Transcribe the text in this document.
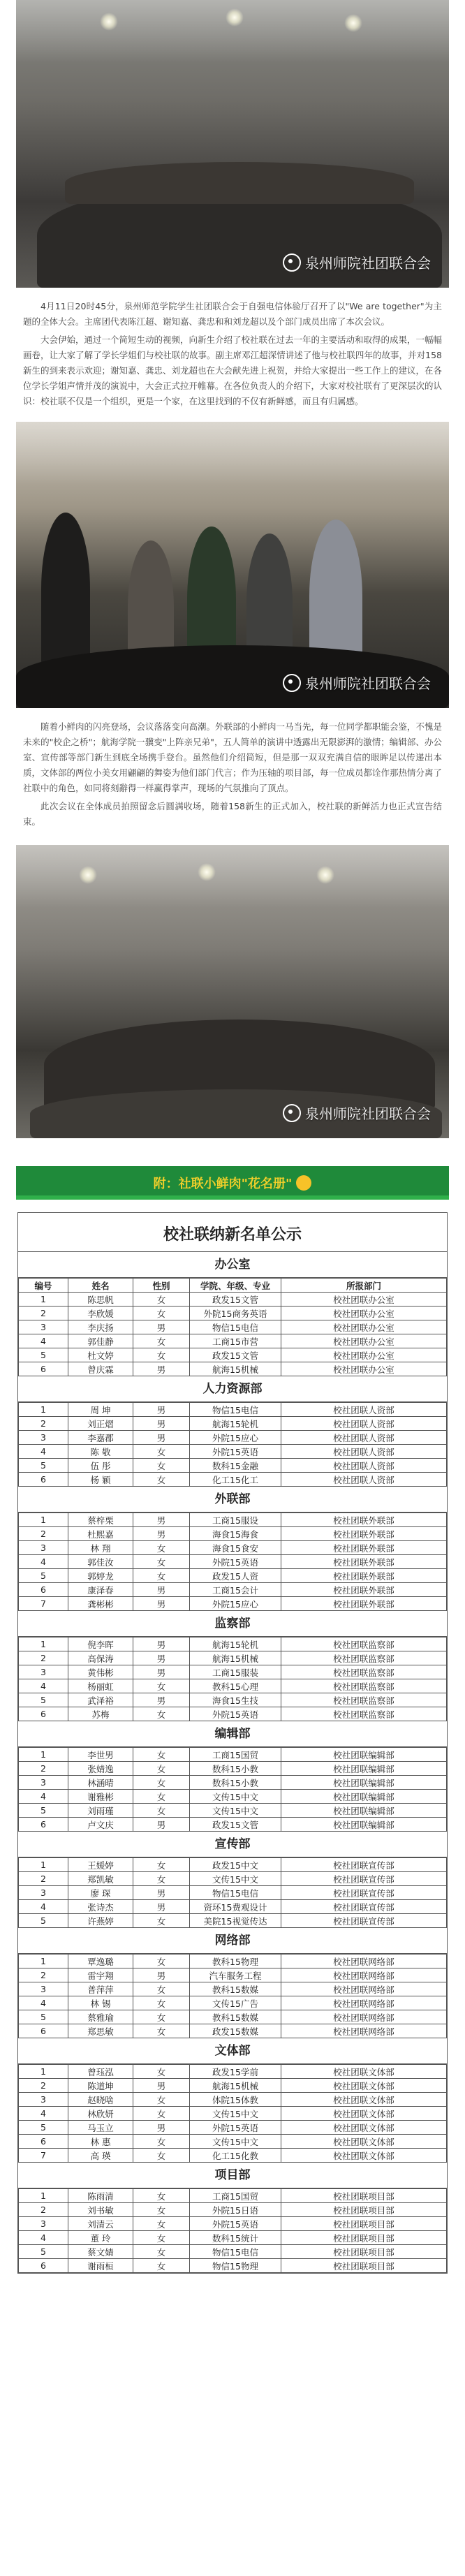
泉州师院社团联合会

4月11日20时45分，泉州师范学院学生社团联合会于自强电信体验厅召开了以"We are together"为主题的全体大会。主席团代表陈江超、谢知嘉、龚忠和和刘龙超以及个部门成员出席了本次会议。

大会伊始，通过一个简短生动的视频，向新生介绍了校社联在过去一年的主要活动和取得的成果，一幅幅画卷，让大家了解了学长学姐们与校社联的故事。副主席邓江超深情讲述了他与校社联四年的故事，并对158新生的到来表示欢迎；谢知嘉、龚忠、刘龙超也在大会献先进上祝贺，并给大家提出一些工作上的建议，在各位学长学姐声情并茂的演说中，大会正式拉开帷幕。在各位负责人的介绍下，大家对校社联有了更深层次的认识：校社联不仅是一个组织，更是一个家，在这里找到的不仅有新鲜感，而且有归属感。

泉州师院社团联合会

随着小鲜肉的闪亮登场，会议落落变向高潮。外联部的小鲜肉一马当先，每一位同学都职能会鉴，不愧是未来的"校企之桥"；航海学院一骥变"上阵亲兄弟"，五人简单的演讲中透露出无限澎湃的激情；编辑部、办公室、宣传部等部门新生到底全场携手登台。虽然他们介绍简短，但是那一双双充满自信的眼眸足以传递出本质，文体部的两位小美女用翩翩的舞姿为他们部门代言；作为压轴的项目部，每一位成员都诠作那热情分离了社联中的角色，如同将刻辭得一样赢得掌声，现场的气氛推向了顶点。

此次会议在全体成员拍照留念后圆满收场，随着158新生的正式加入，校社联的新鲜活力也正式宣告结束。

泉州师院社团联合会
附：社联小鲜肉"花名册"
校社联纳新名单公示
办公室
编号	姓名	性别	学院、年级、专业	所报部门
1	陈思帆	女	政发15文管	校社团联办公室
2	李欣媛	女	外院15商务英语	校社团联办公室
3	李庆扬	男	物信15电信	校社团联办公室
4	郭佳静	女	工商15市营	校社团联办公室
5	杜文婷	女	政发15文管	校社团联办公室
6	曾庆霖	男	航海15机械	校社团联办公室
人力资源部
1	周 坤	男	物信15电信	校社团联人资部
2	刘正熠	男	航海15轮机	校社团联人资部
3	李嘉郡	男	外院15应心	校社团联人资部
4	陈 敬	女	外院15英语	校社团联人资部
5	伍 彤	女	数科15金融	校社团联人资部
6	杨 颖	女	化工15化工	校社团联人资部
外联部
1	蔡梓栗	男	工商15服设	校社团联外联部
2	杜熙嘉	男	海食15海食	校社团联外联部
3	林 翔	女	海食15食安	校社团联外联部
4	郭佳汝	女	外院15英语	校社团联外联部
5	郭婷龙	女	政发15人资	校社团联外联部
6	康泽春	男	工商15会计	校社团联外联部
7	龚彬彬	男	外院15应心	校社团联外联部
监察部
1	倪李晖	男	航海15轮机	校社团联监察部
2	高保涛	男	航海15机械	校社团联监察部
3	黄伟彬	男	工商15服装	校社团联监察部
4	杨丽虹	女	教科15心理	校社团联监察部
5	武泽裕	男	海食15生技	校社团联监察部
6	苏梅	女	外院15英语	校社团联监察部
编辑部
1	李世男	女	工商15国贸	校社团联编辑部
2	张婧逸	女	数科15小教	校社团联编辑部
3	林涵晴	女	数科15小教	校社团联编辑部
4	谢雅彬	女	文传15中文	校社团联编辑部
5	刘雨瑾	女	文传15中文	校社团联编辑部
6	卢文庆	男	政发15文管	校社团联编辑部
宣传部
1	王媛婷	女	政发15中文	校社团联宣传部
2	郑凯敏	女	文传15中文	校社团联宣传部
3	廖 琛	男	物信15电信	校社团联宣传部
4	张诗杰	男	资环15费观设计	校社团联宣传部
5	许燕婷	女	美院15视觉传达	校社团联宣传部
网络部
1	覃逸璐	女	教科15物理	校社团联网络部
2	雷宇翔	男	汽车服务工程	校社团联网络部
3	普萍萍	女	教科15数媒	校社团联网络部
4	林 锡	女	文传15广告	校社团联网络部
5	蔡雅瑜	女	教科15数媒	校社团联网络部
6	郑思敏	女	政发15数媒	校社团联网络部
文体部
1	曾珏泓	女	政发15学前	校社团联文体部
2	陈道坤	男	航海15机械	校社团联文体部
3	赵晓啥	女	体院15体教	校社团联文体部
4	林欣妍	女	文传15中文	校社团联文体部
5	马玉立	男	外院15英语	校社团联文体部
6	林 惠	女	文传15中文	校社团联文体部
7	高 瑛	女	化工15化教	校社团联文体部
项目部
1	陈雨清	女	工商15国贸	校社团联项目部
2	刘书敏	女	外院15日语	校社团联项目部
3	刘清云	女	外院15英语	校社团联项目部
4	董 玲	女	数科15统计	校社团联项目部
5	蔡文婧	女	物信15电信	校社团联项目部
6	谢雨桓	女	物信15物理	校社团联项目部
